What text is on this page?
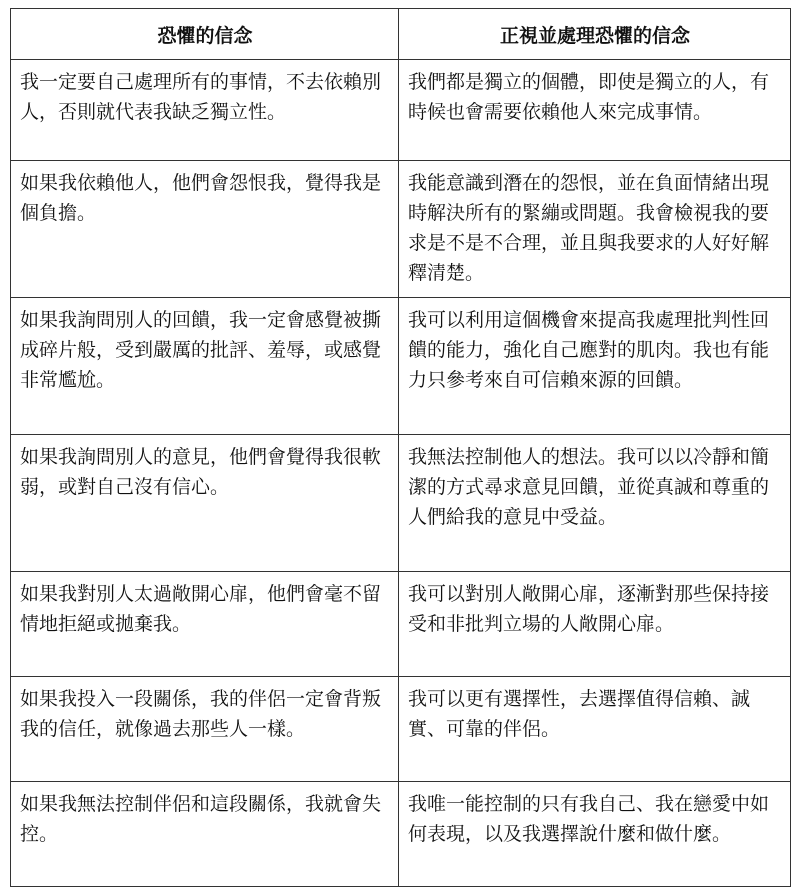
恐懼的信念	正視並處理恐懼的信念
我一定要自己處理所有的事情，不去依賴別人，否則就代表我缺乏獨立性。	我們都是獨立的個體，即使是獨立的人，有時候也會需要依賴他人來完成事情。
如果我依賴他人，他們會怨恨我，覺得我是個負擔。	我能意識到潛在的怨恨，並在負面情緒出現時解決所有的緊繃或問題。我會檢視我的要求是不是不合理，並且與我要求的人好好解釋清楚。
如果我詢問別人的回饋，我一定會感覺被撕成碎片般，受到嚴厲的批評、羞辱，或感覺非常尷尬。	我可以利用這個機會來提高我處理批判性回饋的能力，強化自己應對的肌肉。我也有能力只參考來自可信賴來源的回饋。
如果我詢問別人的意見，他們會覺得我很軟弱，或對自己沒有信心。	我無法控制他人的想法。我可以以冷靜和簡潔的方式尋求意見回饋，並從真誠和尊重的人們給我的意見中受益。
如果我對別人太過敞開心扉，他們會毫不留情地拒絕或拋棄我。	我可以對別人敞開心扉，逐漸對那些保持接受和非批判立場的人敞開心扉。
如果我投入一段關係，我的伴侶一定會背叛我的信任，就像過去那些人一樣。	我可以更有選擇性，去選擇值得信賴、誠實、可靠的伴侶。
如果我無法控制伴侶和這段關係，我就會失控。	我唯一能控制的只有我自己、我在戀愛中如何表現，以及我選擇說什麼和做什麼。
